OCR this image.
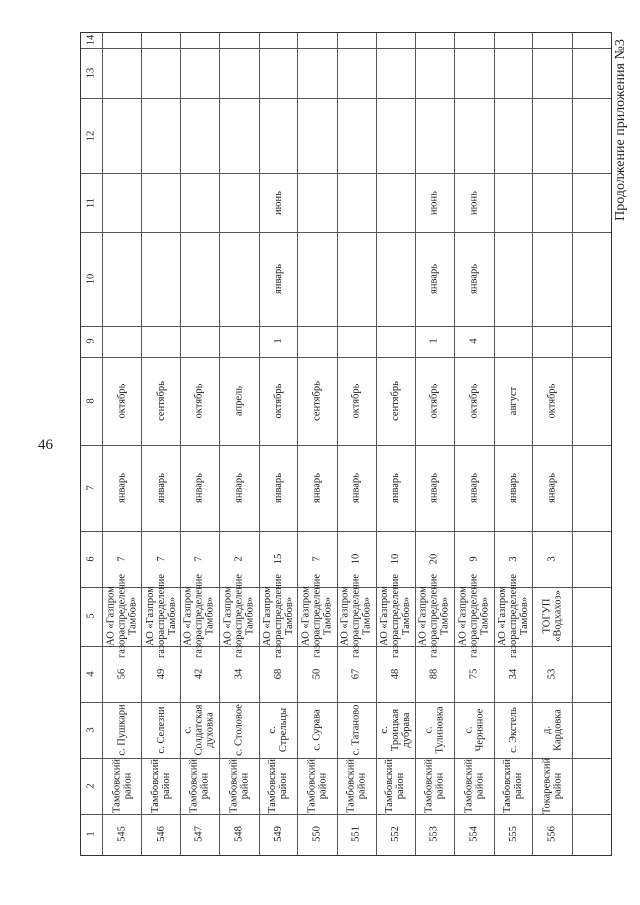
46
Продолжение приложения №3
1
2
3
4
5
6
7
8
9
10
11
12
13
14
545
Тамбовский район
с. Пушкари
56
АО «Газпром газораспределение Тамбов»
7
январь
октябрь
546
Тамбовский район
с. Селезни
49
АО «Газпром газораспределение Тамбов»
7
январь
сентябрь
547
Тамбовский район
с. Солдатская духовка
42
АО «Газпром газораспределение Тамбов»
7
январь
октябрь
548
Тамбовский район
с. Столовое
34
АО «Газпром газораспределение Тамбов»
2
январь
апрель
549
Тамбовский район
с. Стрельцы
68
АО «Газпром газораспределение Тамбов»
15
январь
октябрь
1
январь
июнь
550
Тамбовский район
с. Сурава
50
АО «Газпром газораспределение Тамбов»
7
январь
сентябрь
551
Тамбовский район
с. Татаново
67
АО «Газпром газораспределение Тамбов»
10
январь
октябрь
552
Тамбовский район
с. Троицкая дубрава
48
АО «Газпром газораспределение Тамбов»
10
январь
сентябрь
553
Тамбовский район
с. Тулиновка
88
АО «Газпром газораспределение Тамбов»
20
январь
октябрь
1
январь
июнь
554
Тамбовский район
с. Черняное
75
АО «Газпром газораспределение Тамбов»
9
январь
октябрь
4
январь
июнь
555
Тамбовский район
с. Экстель
34
АО «Газпром газораспределение Тамбов»
3
январь
август
556
Токаревский район
д. Кардовка
53
ТОГУП «Водхахоз»
3
январь
октябрь
